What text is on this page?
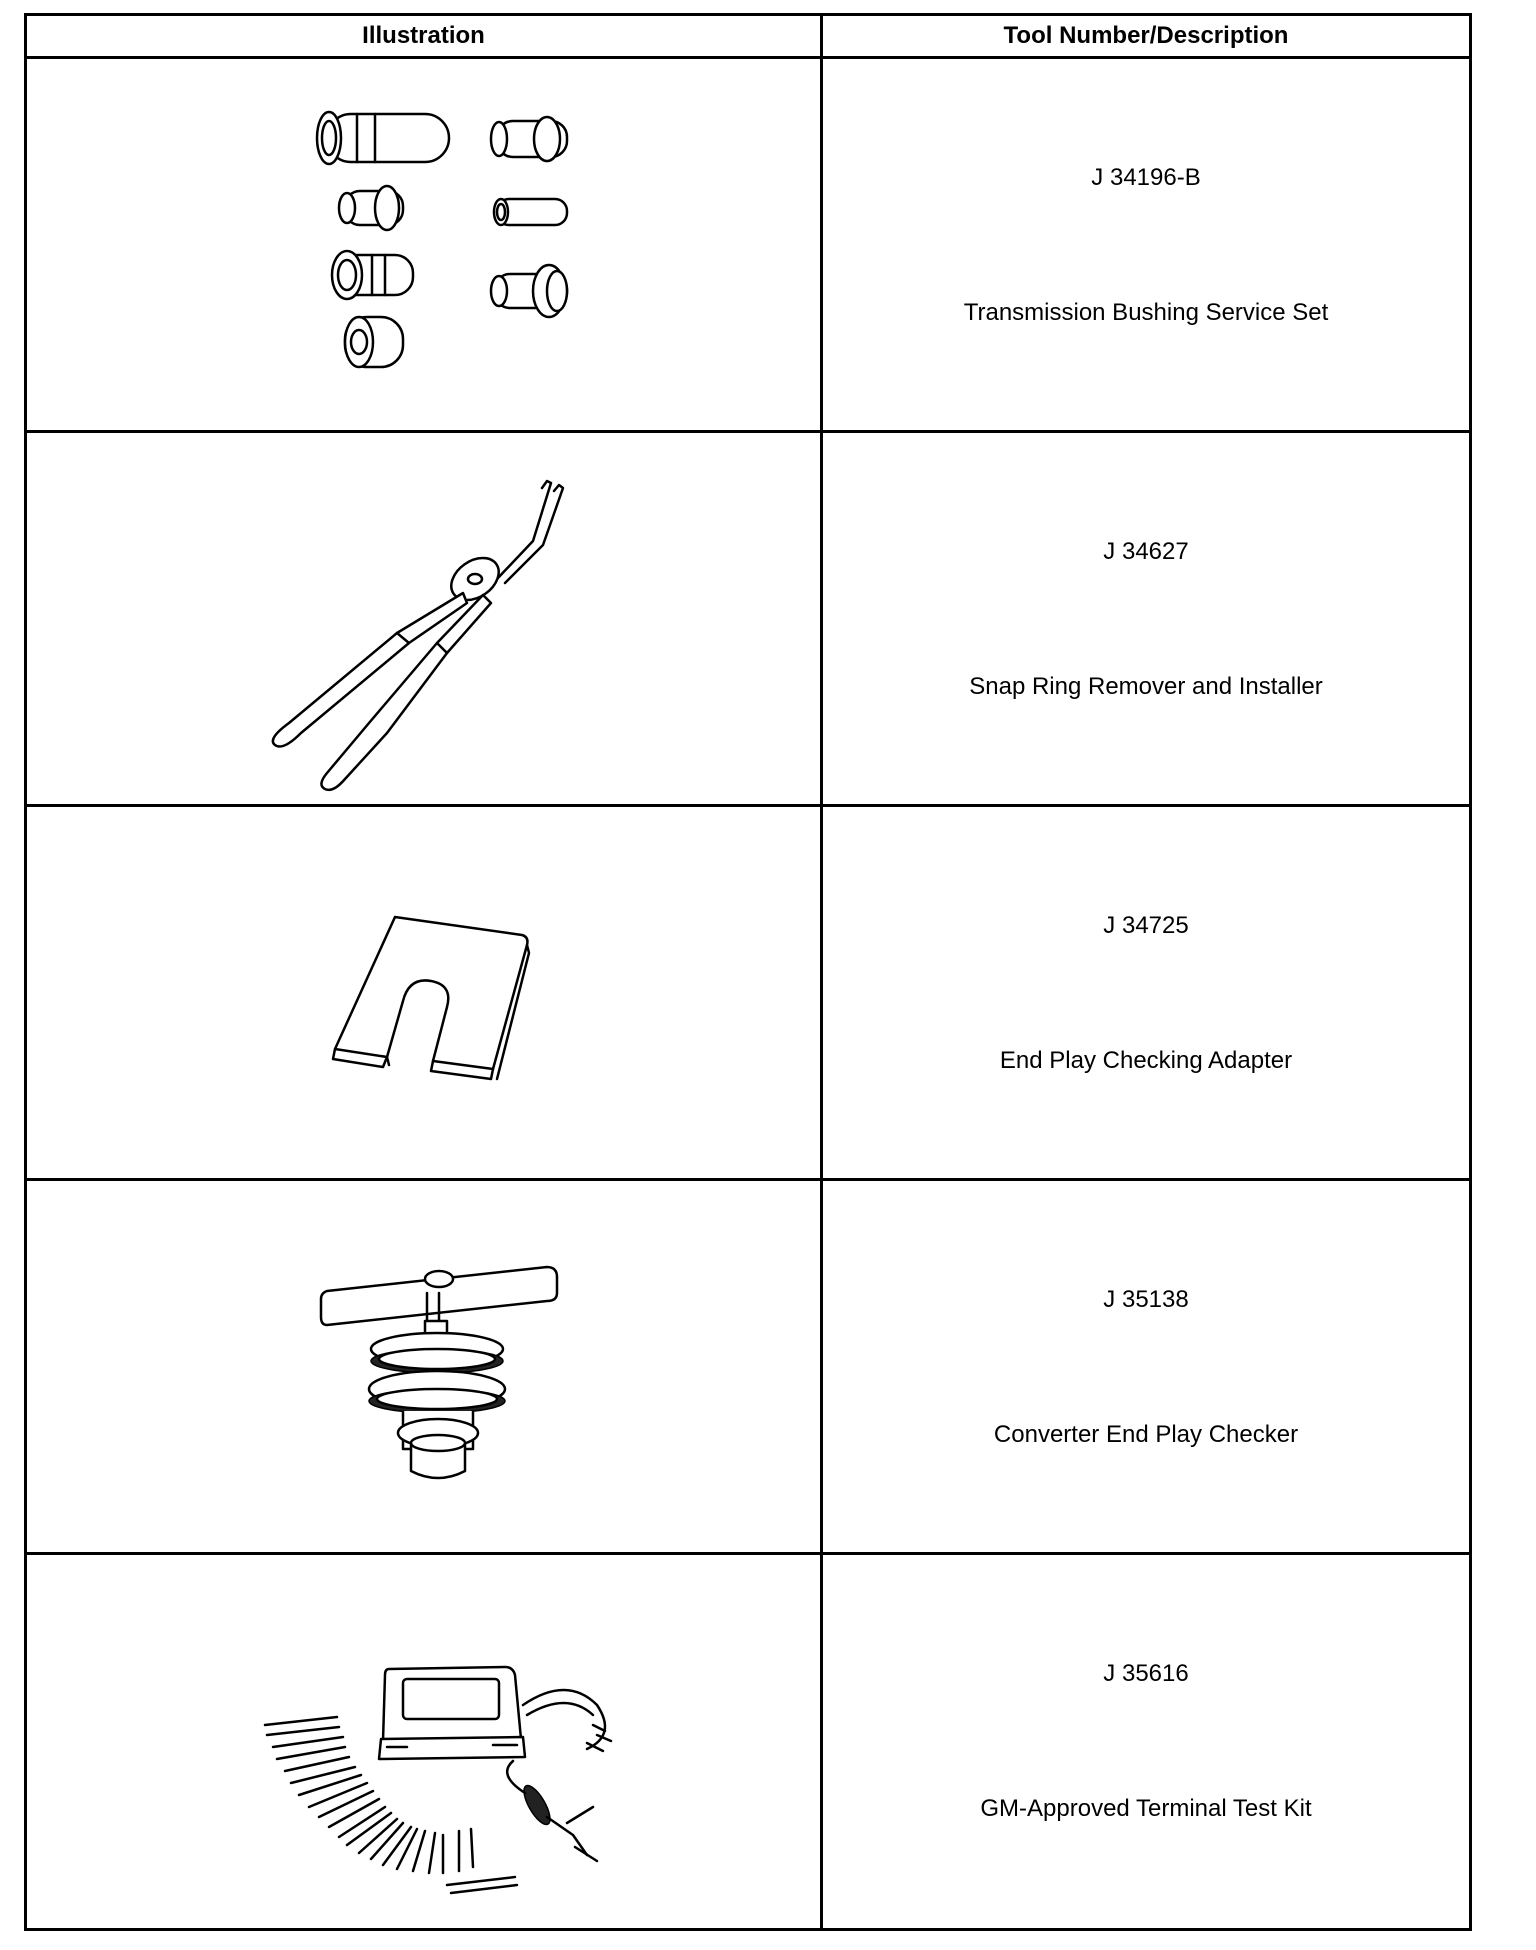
Illustration	Tool Number/Description
J 34196-B
Transmission Bushing Service Set
J 34627
Snap Ring Remover and Installer
J 34725
End Play Checking Adapter
J 35138
Converter End Play Checker
J 35616
GM-Approved Terminal Test Kit
